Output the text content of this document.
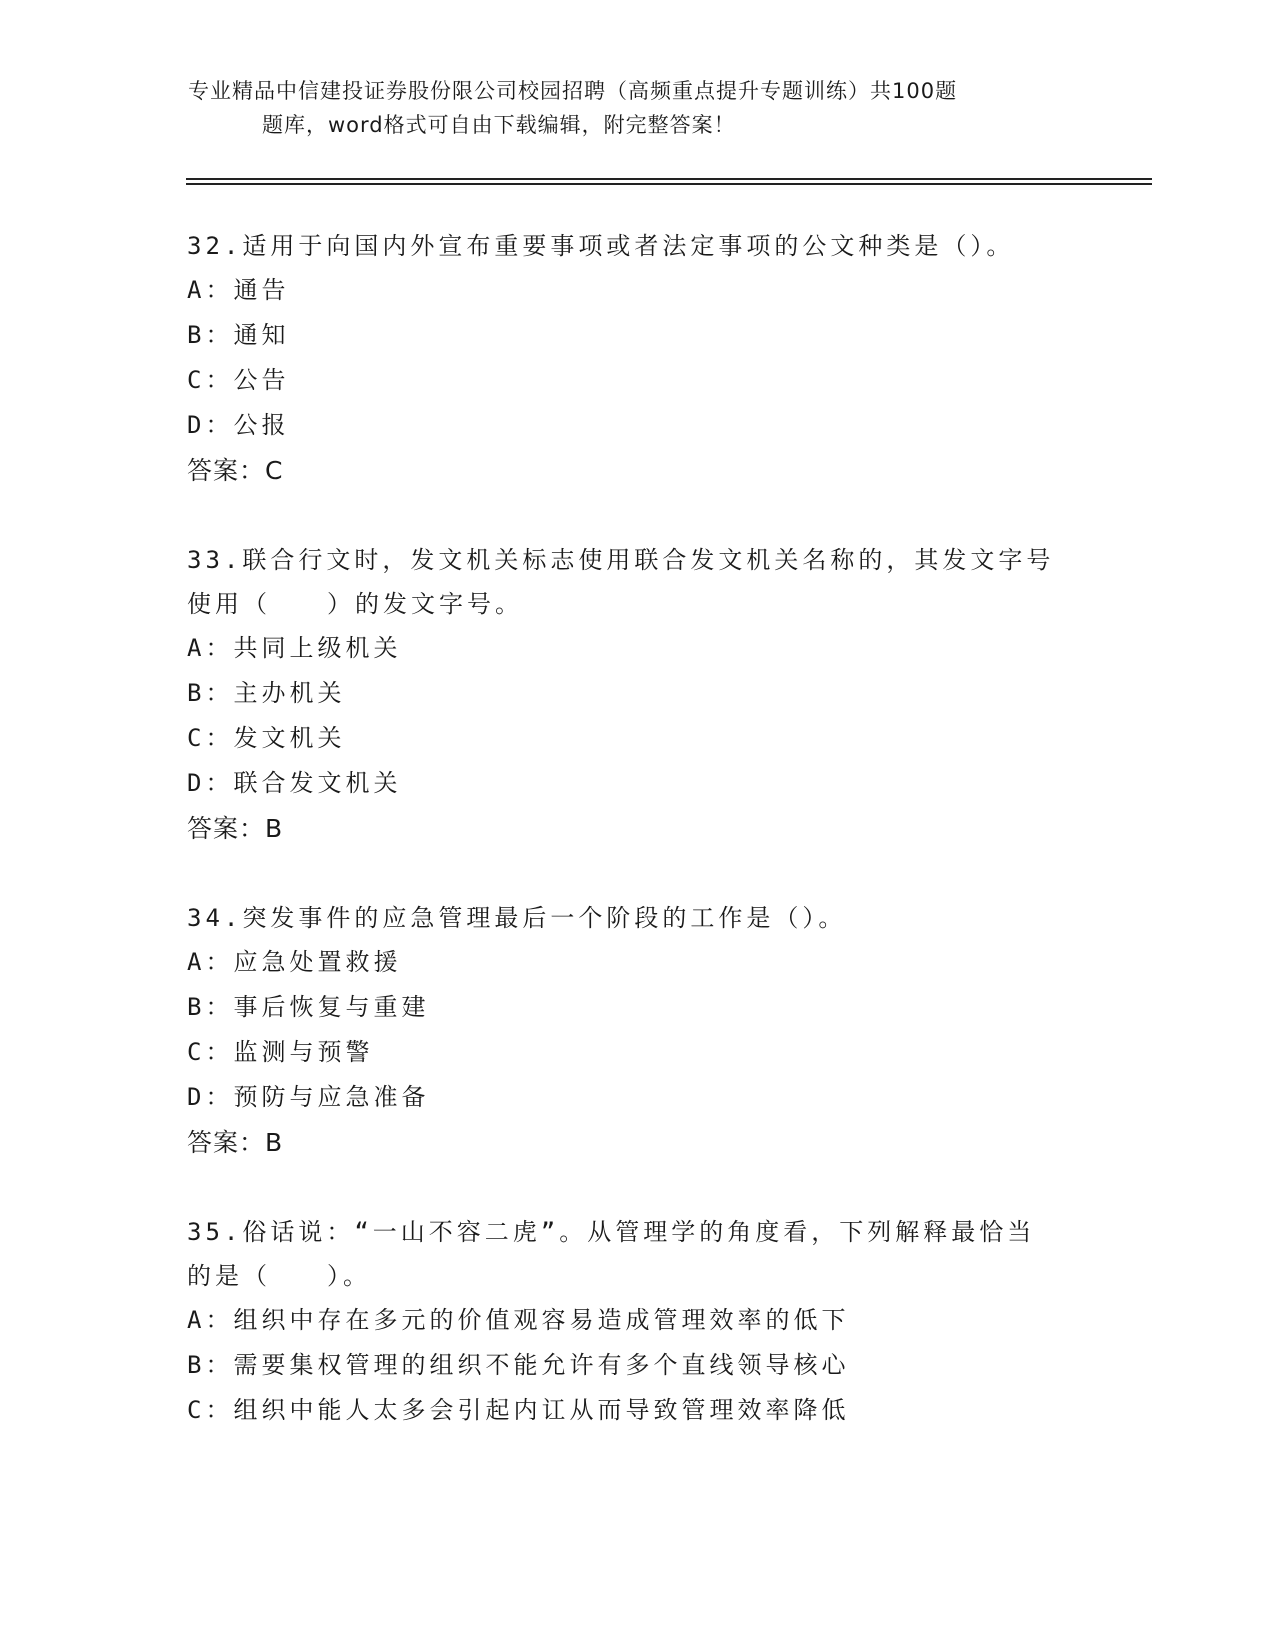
专业精品中信建投证券股份限公司校园招聘（高频重点提升专题训练）共100题
题库，word格式可自由下载编辑，附完整答案！
32.适用于向国内外宣布重要事项或者法定事项的公文种类是（）。
A：通告
B：通知
C：公告
D：公报
答案：C
33.联合行文时，发文机关标志使用联合发文机关名称的，其发文字号
使用（　　）的发文字号。
A：共同上级机关
B：主办机关
C：发文机关
D：联合发文机关
答案：B
34.突发事件的应急管理最后一个阶段的工作是（）。
A：应急处置救援
B：事后恢复与重建
C：监测与预警
D：预防与应急准备
答案：B
35.俗话说：“一山不容二虎”。从管理学的角度看，下列解释最恰当
的是（　　）。
A：组织中存在多元的价值观容易造成管理效率的低下
B：需要集权管理的组织不能允许有多个直线领导核心
C：组织中能人太多会引起内讧从而导致管理效率降低
